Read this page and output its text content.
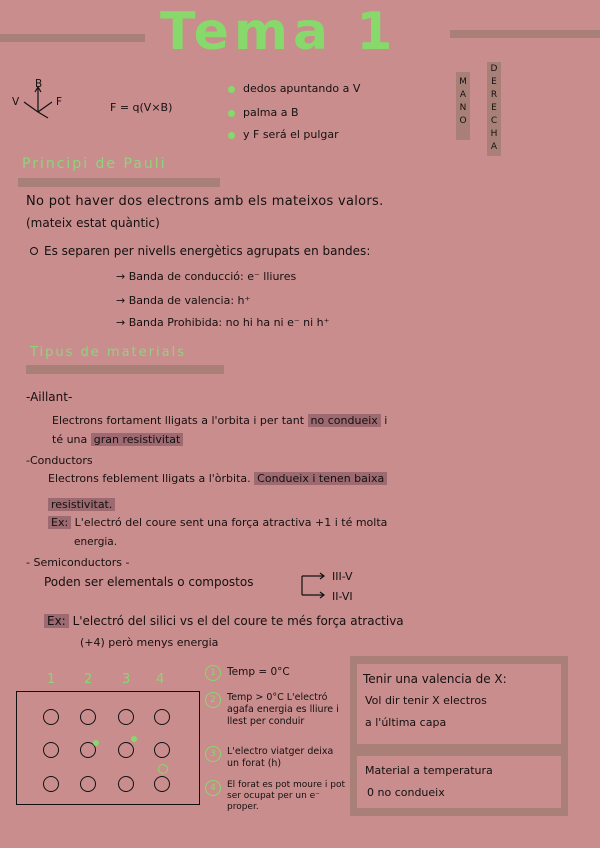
Tema 1
B
V	F	F = q(V×B)
dedos apuntando a V
palma a B
y F será el pulgar
M
A
N
O
D
E
R
E
C
H
A
Principi de Pauli
No pot haver dos electrons amb els mateixos valors.
(mateix estat quàntic)
Es separen per nivells energètics agrupats en bandes:
→ Banda de conducció: e⁻ lliures
→ Banda de valencia: h⁺
→ Banda Prohibida: no hi ha ni e⁻ ni h⁺
Tipus de materials
-Aillant-
Electrons fortament lligats a l'orbita i per tant no condueix i
té una gran resistivitat
-Conductors
Electrons feblement lligats a l'òrbita. Condueix i tenen baixa
resistivitat.
Ex: L'electró del coure sent una força atractiva +1 i té molta
energia.
- Semiconductors -
Poden ser elementals o compostos	III-V
II-VI
Ex: L'electró del silici vs el del coure te més força atractiva
(+4) però menys energia
1 2 3 4	1 Temp = 0°C
2	Temp > 0°C L'electró agafa energia es lliure i llest per conduir
3	L'electro viatger deixa un forat (h)
4	El forat es pot moure i pot ser ocupat per un e⁻ proper.
Tenir una valencia de X:
Vol dir tenir X electros
a l'última capa
Material a temperatura
0 no condueix
